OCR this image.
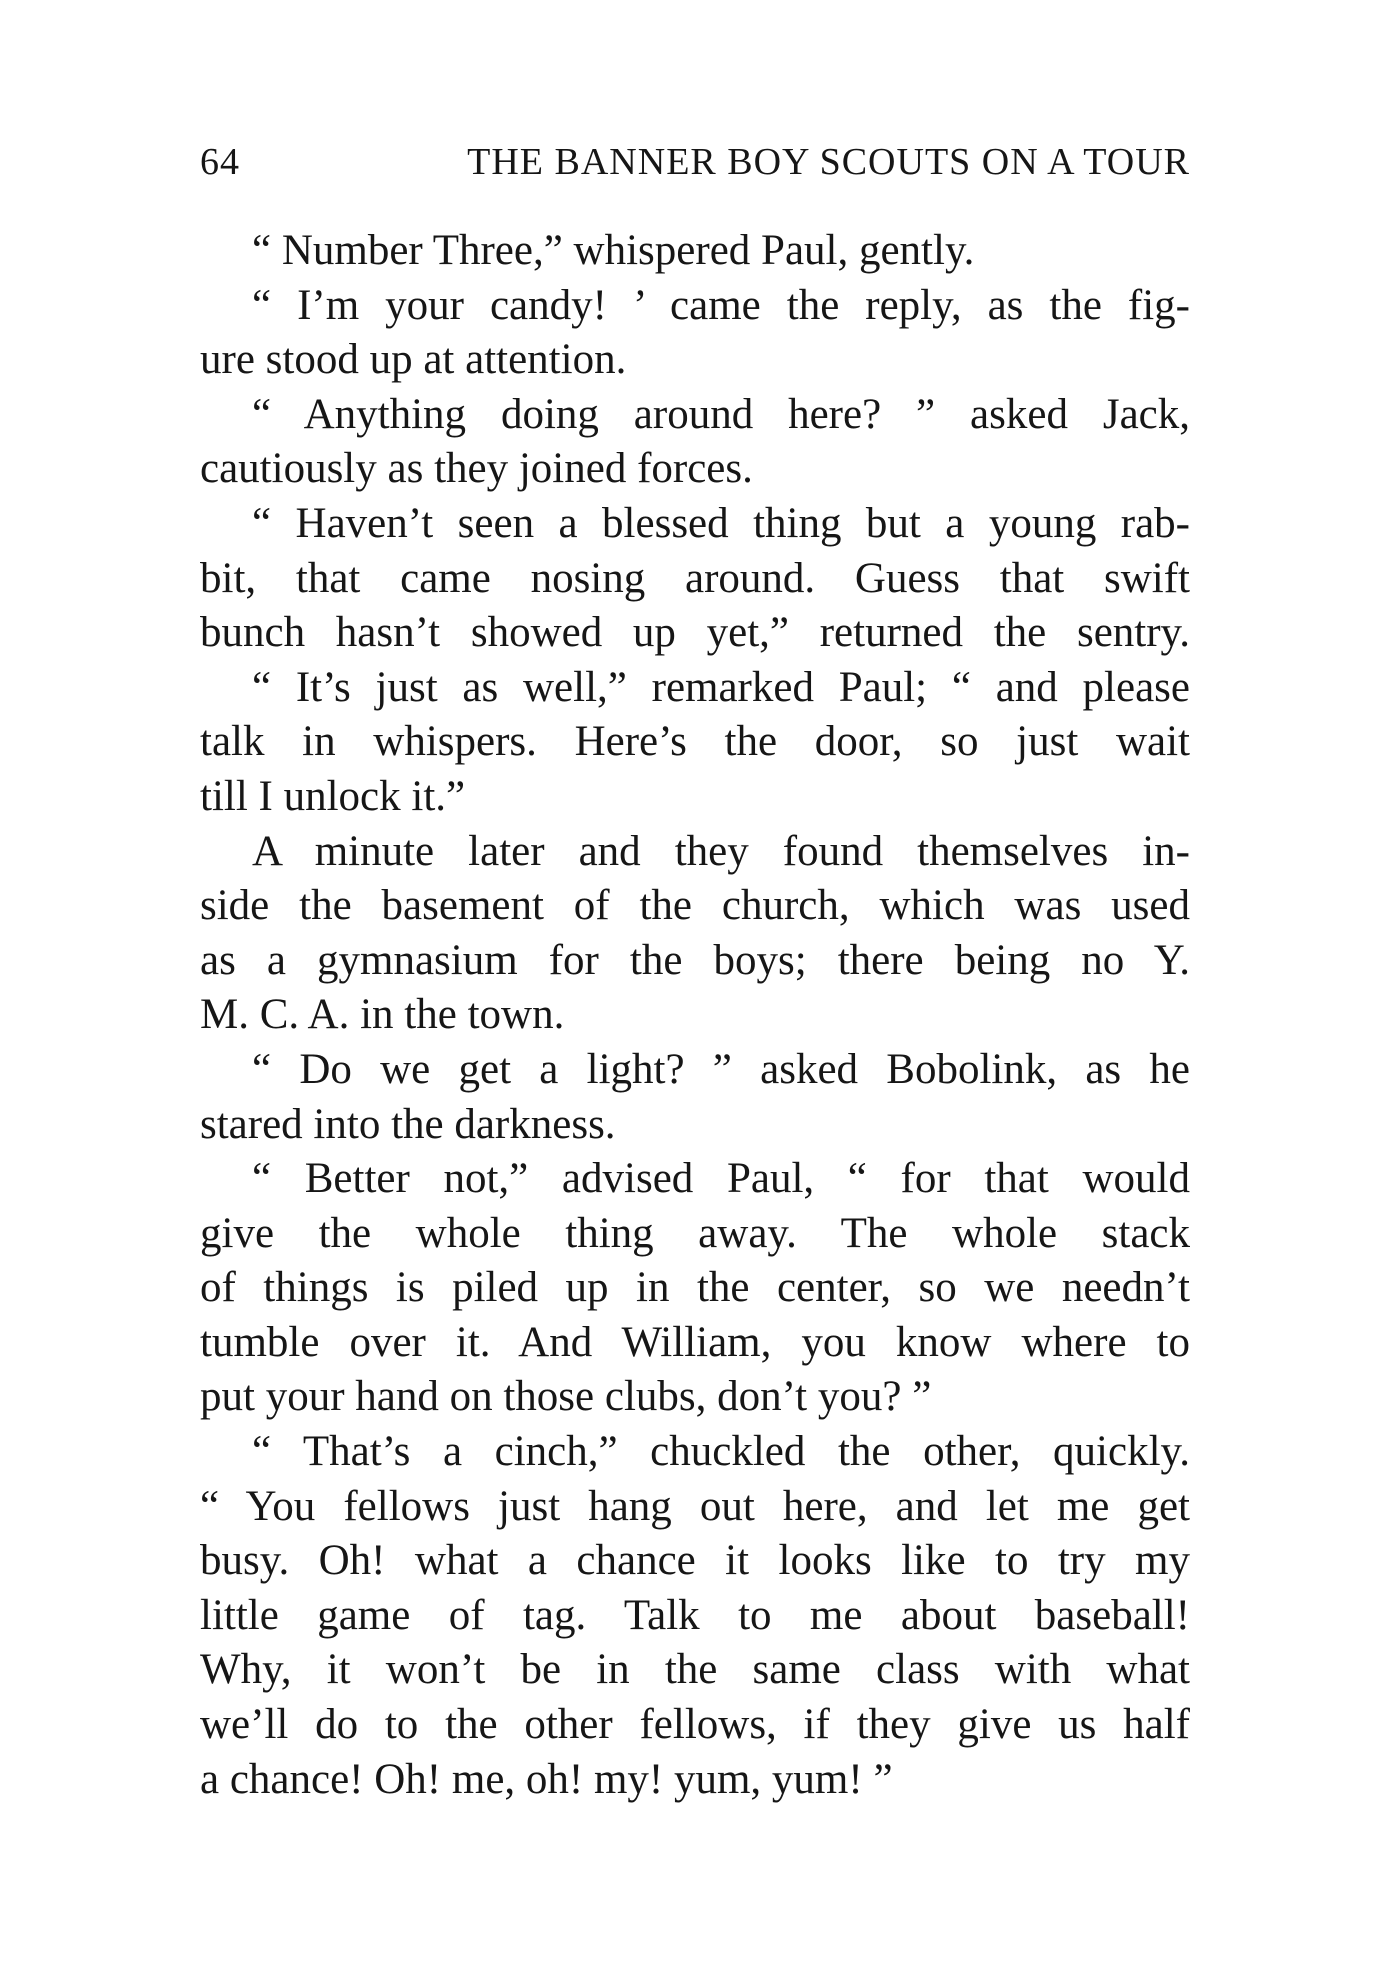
64	THE BANNER BOY SCOUTS ON A TOUR
“ Number Three,” whispered Paul, gently.
“ I’m your candy! ’ came the reply, as the fig-
ure stood up at attention.
“ Anything doing around here? ” asked Jack,
cautiously as they joined forces.
“ Haven’t seen a blessed thing but a young rab-
bit, that came nosing around. Guess that swift
bunch hasn’t showed up yet,” returned the sentry.
“ It’s just as well,” remarked Paul; “ and please
talk in whispers. Here’s the door, so just wait
till I unlock it.”
A minute later and they found themselves in-
side the basement of the church, which was used
as a gymnasium for the boys; there being no Y.
M. C. A. in the town.
“ Do we get a light? ” asked Bobolink, as he
stared into the darkness.
“ Better not,” advised Paul, “ for that would
give the whole thing away. The whole stack
of things is piled up in the center, so we needn’t
tumble over it. And William, you know where to
put your hand on those clubs, don’t you? ”
“ That’s a cinch,” chuckled the other, quickly.
“ You fellows just hang out here, and let me get
busy. Oh! what a chance it looks like to try my
little game of tag. Talk to me about baseball!
Why, it won’t be in the same class with what
we’ll do to the other fellows, if they give us half
a chance! Oh! me, oh! my! yum, yum! ”
